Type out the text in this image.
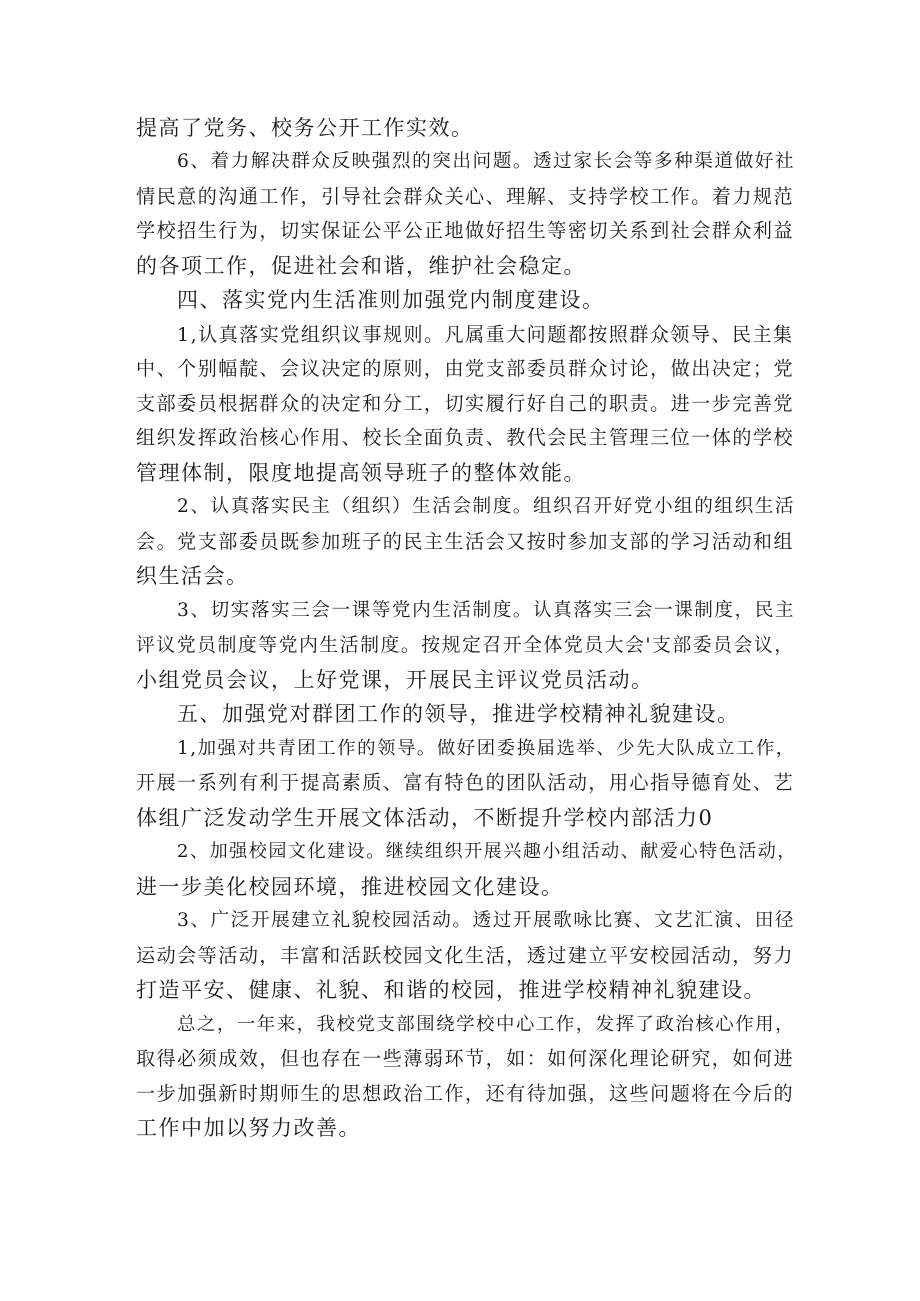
提高了党务、校务公开工作实效。
6、着力解决群众反映强烈的突出问题。透过家长会等多种渠道做好社
情民意的沟通工作，引导社会群众关心、理解、支持学校工作。着力规范
学校招生行为，切实保证公平公正地做好招生等密切关系到社会群众利益
的各项工作，促进社会和谐，维护社会稳定。
四、落实党内生活准则加强党内制度建设。
1,认真落实党组织议事规则。凡属重大问题都按照群众领导、民主集
中、个别幅靛、会议决定的原则，由党支部委员群众讨论，做出决定；党
支部委员根据群众的决定和分工，切实履行好自己的职责。进一步完善党
组织发挥政治核心作用、校长全面负责、教代会民主管理三位一体的学校
管理体制，限度地提高领导班子的整体效能。
2、认真落实民主（组织）生活会制度。组织召开好党小组的组织生活
会。党支部委员既参加班子的民主生活会又按时参加支部的学习活动和组
织生活会。
3、切实落实三会一课等党内生活制度。认真落实三会一课制度，民主
评议党员制度等党内生活制度。按规定召开全体党员大会'支部委员会议，
小组党员会议，上好党课，开展民主评议党员活动。
五、加强党对群团工作的领导，推进学校精神礼貌建设。
1,加强对共青团工作的领导。做好团委换届选举、少先大队成立工作，
开展一系列有利于提高素质、富有特色的团队活动，用心指导德育处、艺
体组广泛发动学生开展文体活动，不断提升学校内部活力0
2、加强校园文化建设。继续组织开展兴趣小组活动、献爱心特色活动，
进一步美化校园环境，推进校园文化建设。
3、广泛开展建立礼貌校园活动。透过开展歌咏比赛、文艺汇演、田径
运动会等活动，丰富和活跃校园文化生活，透过建立平安校园活动，努力
打造平安、健康、礼貌、和谐的校园，推进学校精神礼貌建设。
总之，一年来，我校党支部围绕学校中心工作，发挥了政治核心作用，
取得必须成效，但也存在一些薄弱环节，如：如何深化理论研究，如何进
一步加强新时期师生的思想政治工作，还有待加强，这些问题将在今后的
工作中加以努力改善。
